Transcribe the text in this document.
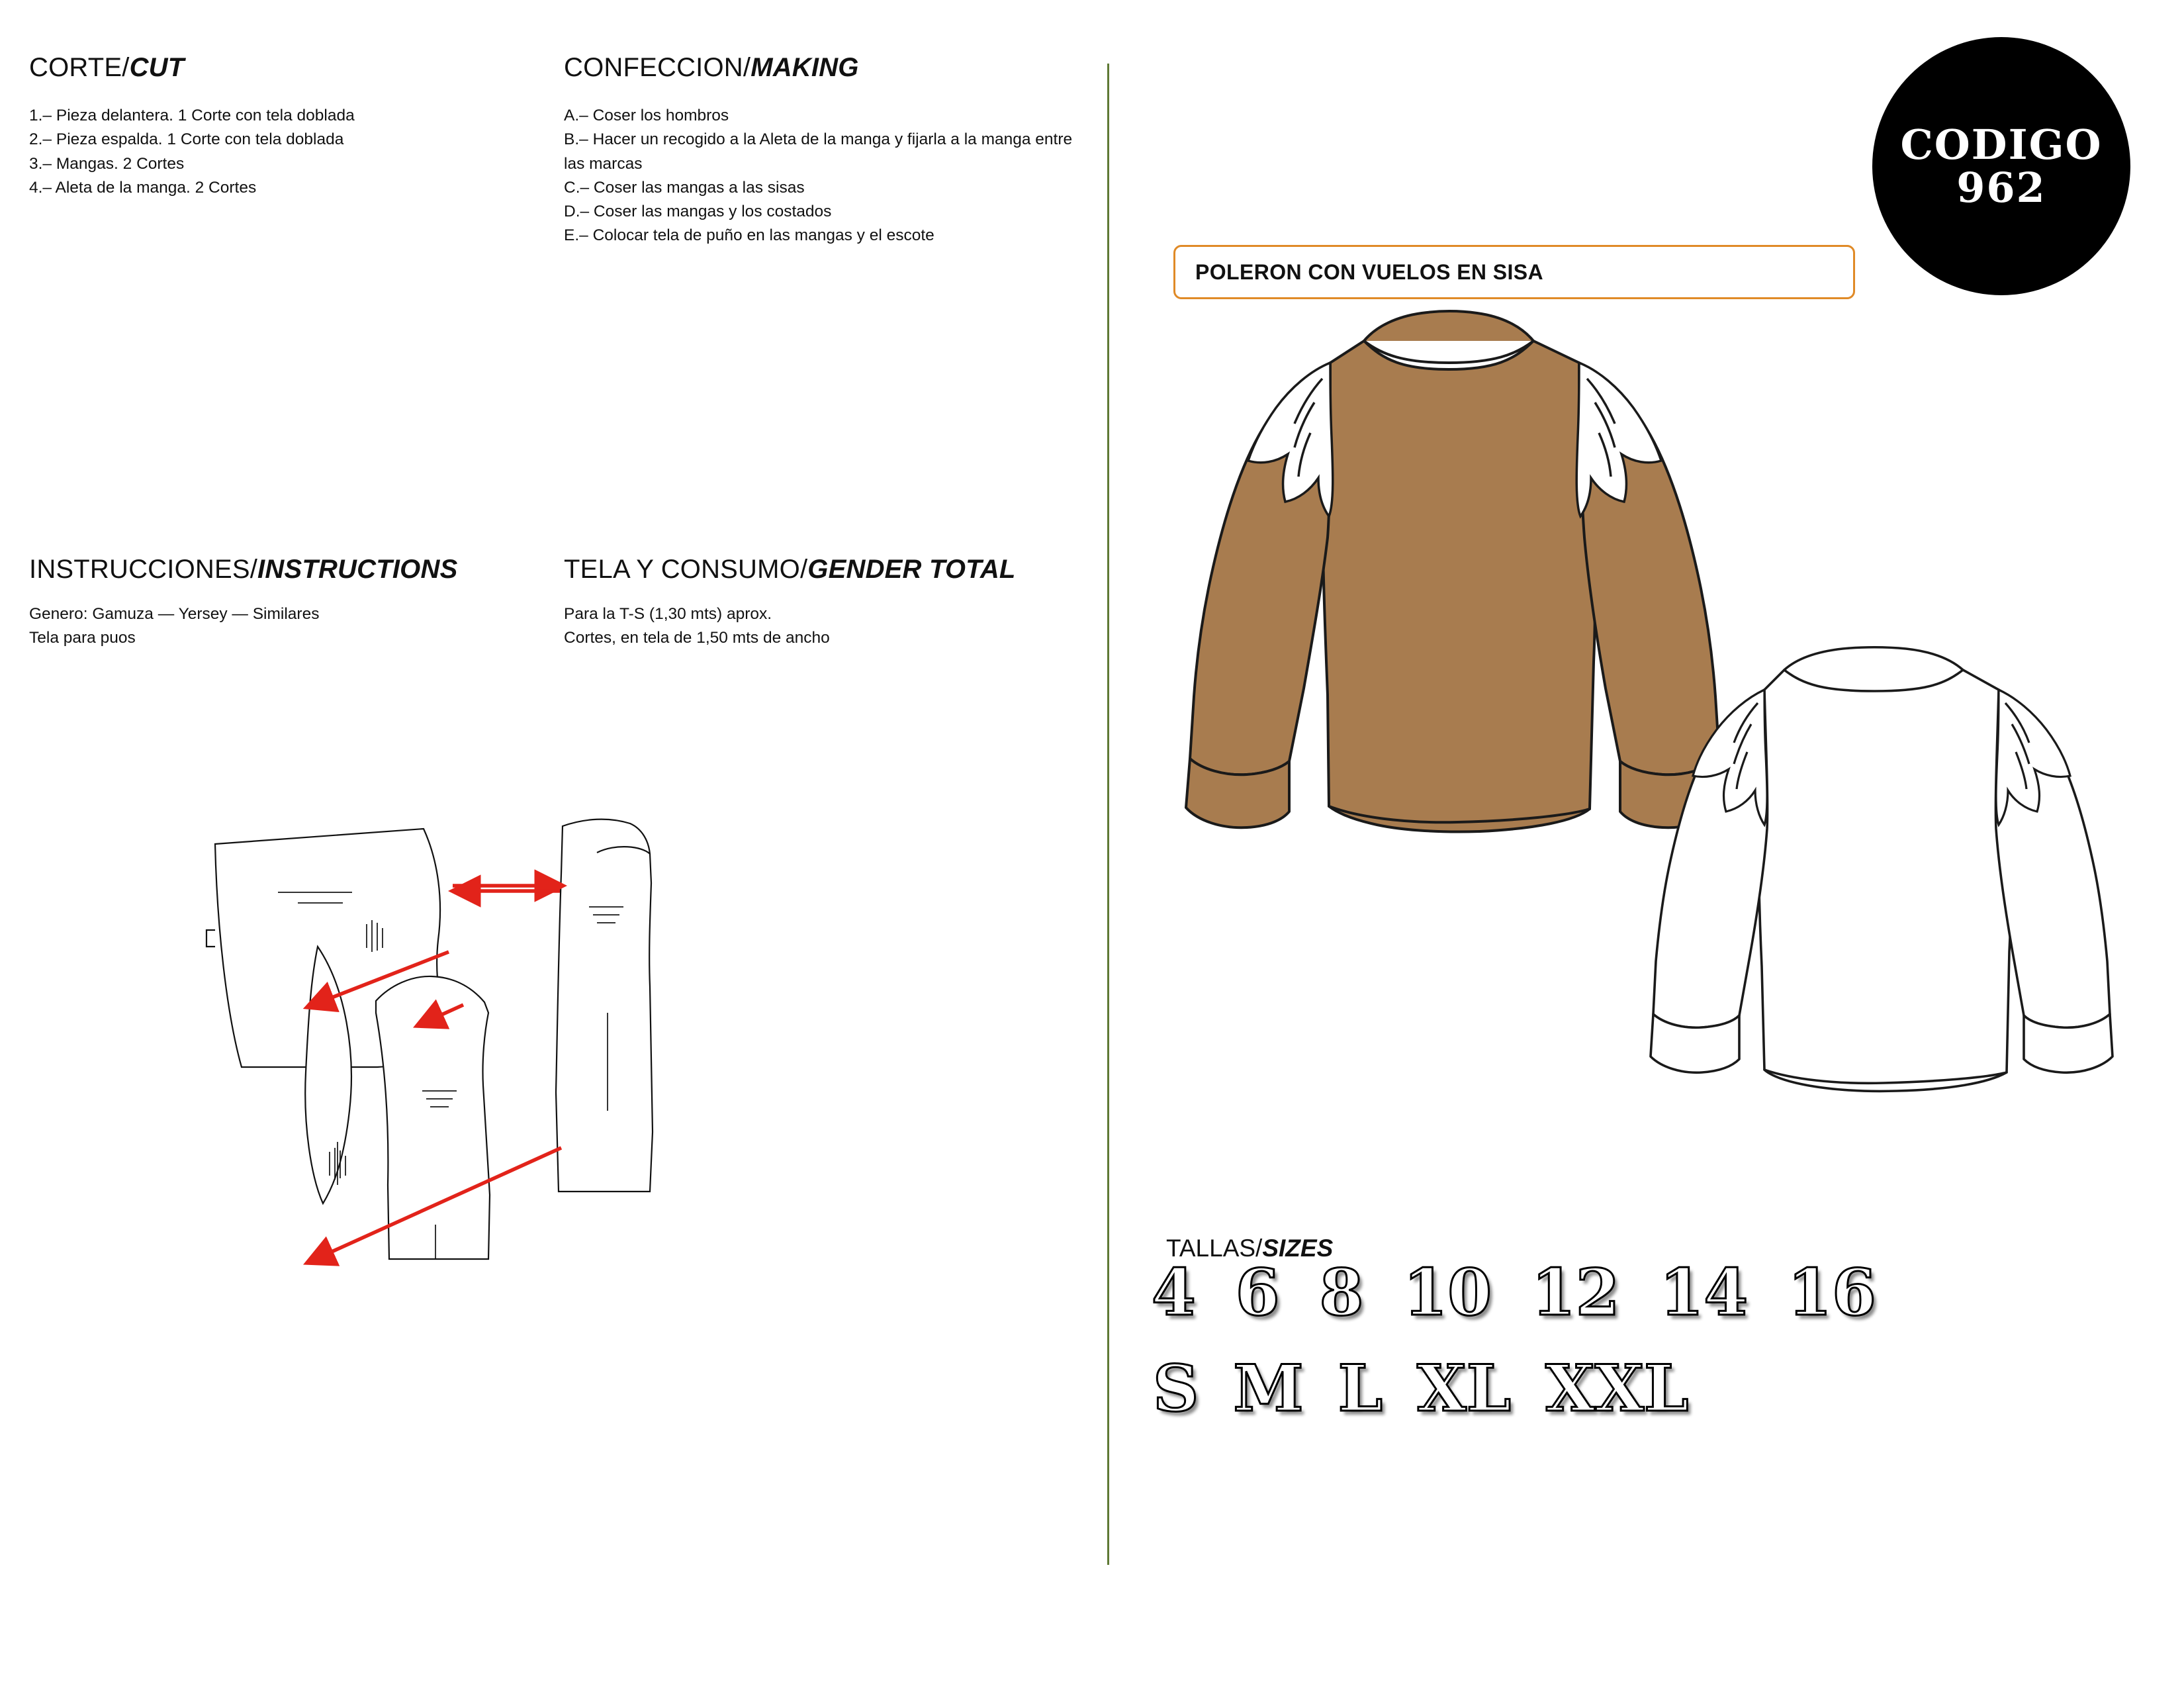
CORTE/CUT
1.– Pieza delantera. 1 Corte con tela doblada
2.– Pieza espalda. 1 Corte con tela doblada
3.– Mangas. 2 Cortes
4.– Aleta de la manga. 2 Cortes
CONFECCION/MAKING
A.– Coser los hombros
B.– Hacer un recogido a la Aleta de la manga y fijarla a la manga entre las marcas
C.– Coser las mangas a las sisas
D.– Coser las mangas y los costados
E.– Colocar tela de puño en las mangas y el escote
INSTRUCCIONES/INSTRUCTIONS
Genero: Gamuza — Yersey — Similares
Tela para puos
TELA Y CONSUMO/GENDER TOTAL
Para la T-S (1,30 mts) aprox.
Cortes, en tela de 1,50 mts de ancho
CODIGO
962
POLERON CON VUELOS EN SISA
TALLAS/SIZES
4 6 8 10 12 14 16
S M L XL XXL
